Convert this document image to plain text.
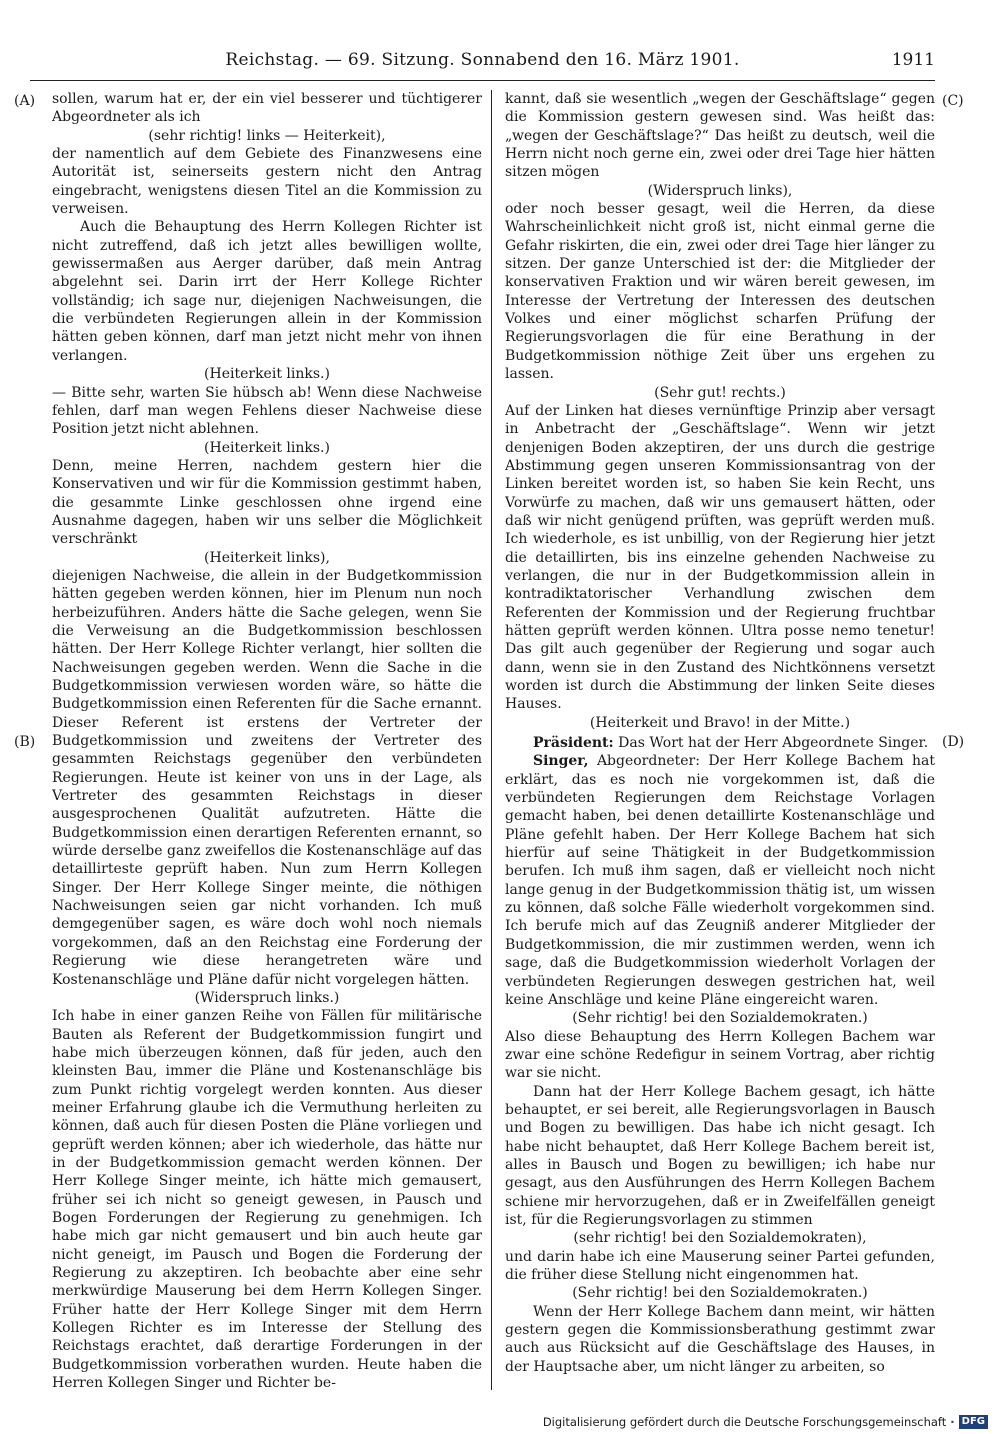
Reichstag. — 69. Sitzung. Sonnabend den 16. März 1901.	1911
(A)
(B)
(C)
(D)

sollen, warum hat er, der ein viel besserer und tüchtigerer Abgeordneter als ich

(sehr richtig! links — Heiterkeit),

der namentlich auf dem Gebiete des Finanzwesens eine Autorität ist, seinerseits gestern nicht den Antrag eingebracht, wenigstens diesen Titel an die Kommission zu verweisen.

Auch die Behauptung des Herrn Kollegen Richter ist nicht zutreffend, daß ich jetzt alles bewilligen wollte, gewissermaßen aus Aerger darüber, daß mein Antrag abgelehnt sei. Darin irrt der Herr Kollege Richter vollständig; ich sage nur, diejenigen Nachweisungen, die die verbündeten Regierungen allein in der Kommission hätten geben können, darf man jetzt nicht mehr von ihnen verlangen.

(Heiterkeit links.)

— Bitte sehr, warten Sie hübsch ab! Wenn diese Nachweise fehlen, darf man wegen Fehlens dieser Nachweise diese Position jetzt nicht ablehnen.

(Heiterkeit links.)

Denn, meine Herren, nachdem gestern hier die Konservativen und wir für die Kommission gestimmt haben, die gesammte Linke geschlossen ohne irgend eine Ausnahme dagegen, haben wir uns selber die Möglichkeit verschränkt

(Heiterkeit links),

diejenigen Nachweise, die allein in der Budgetkommission hätten gegeben werden können, hier im Plenum nun noch herbeizuführen. Anders hätte die Sache gelegen, wenn Sie die Verweisung an die Budgetkommission beschlossen hätten. Der Herr Kollege Richter verlangt, hier sollten die Nachweisungen gegeben werden. Wenn die Sache in die Budgetkommission verwiesen worden wäre, so hätte die Budgetkommission einen Referenten für die Sache ernannt. Dieser Referent ist erstens der Vertreter der Budgetkommission und zweitens der Vertreter des gesammten Reichstags gegenüber den verbündeten Regierungen. Heute ist keiner von uns in der Lage, als Vertreter des gesammten Reichstags in dieser ausgesprochenen Qualität aufzutreten. Hätte die Budgetkommission einen derartigen Referenten ernannt, so würde derselbe ganz zweifellos die Kostenanschläge auf das detaillirteste geprüft haben. Nun zum Herrn Kollegen Singer. Der Herr Kollege Singer meinte, die nöthigen Nachweisungen seien gar nicht vorhanden. Ich muß demgegenüber sagen, es wäre doch wohl noch niemals vorgekommen, daß an den Reichstag eine Forderung der Regierung wie diese herangetreten wäre und Kostenanschläge und Pläne dafür nicht vorgelegen hätten.

(Widerspruch links.)

Ich habe in einer ganzen Reihe von Fällen für militärische Bauten als Referent der Budgetkommission fungirt und habe mich überzeugen können, daß für jeden, auch den kleinsten Bau, immer die Pläne und Kostenanschläge bis zum Punkt richtig vorgelegt werden konnten. Aus dieser meiner Erfahrung glaube ich die Vermuthung herleiten zu können, daß auch für diesen Posten die Pläne vorliegen und geprüft werden können; aber ich wiederhole, das hätte nur in der Budgetkommission gemacht werden können. Der Herr Kollege Singer meinte, ich hätte mich gemausert, früher sei ich nicht so geneigt gewesen, in Pausch und Bogen Forderungen der Regierung zu genehmigen. Ich habe mich gar nicht gemausert und bin auch heute gar nicht geneigt, im Pausch und Bogen die Forderung der Regierung zu akzeptiren. Ich beobachte aber eine sehr merkwürdige Mauserung bei dem Herrn Kollegen Singer. Früher hatte der Herr Kollege Singer mit dem Herrn Kollegen Richter es im Interesse der Stellung des Reichstags erachtet, daß derartige Forderungen in der Budgetkommission vorberathen wurden. Heute haben die Herren Kollegen Singer und Richter be-

kannt, daß sie wesentlich „wegen der Geschäftslage“ gegen die Kommission gestern gewesen sind. Was heißt das: „wegen der Geschäftslage?“ Das heißt zu deutsch, weil die Herrn nicht noch gerne ein, zwei oder drei Tage hier hätten sitzen mögen

(Widerspruch links),

oder noch besser gesagt, weil die Herren, da diese Wahrscheinlichkeit nicht groß ist, nicht einmal gerne die Gefahr riskirten, die ein, zwei oder drei Tage hier länger zu sitzen. Der ganze Unterschied ist der: die Mitglieder der konservativen Fraktion und wir wären bereit gewesen, im Interesse der Vertretung der Interessen des deutschen Volkes und einer möglichst scharfen Prüfung der Regierungsvorlagen die für eine Berathung in der Budgetkommission nöthige Zeit über uns ergehen zu lassen.

(Sehr gut! rechts.)

Auf der Linken hat dieses vernünftige Prinzip aber versagt in Anbetracht der „Geschäftslage“. Wenn wir jetzt denjenigen Boden akzeptiren, der uns durch die gestrige Abstimmung gegen unseren Kommissionsantrag von der Linken bereitet worden ist, so haben Sie kein Recht, uns Vorwürfe zu machen, daß wir uns gemausert hätten, oder daß wir nicht genügend prüften, was geprüft werden muß. Ich wiederhole, es ist unbillig, von der Regierung hier jetzt die detaillirten, bis ins einzelne gehenden Nachweise zu verlangen, die nur in der Budgetkommission allein in kontradiktatorischer Verhandlung zwischen dem Referenten der Kommission und der Regierung fruchtbar hätten geprüft werden können. Ultra posse nemo tenetur! Das gilt auch gegenüber der Regierung und sogar auch dann, wenn sie in den Zustand des Nichtkönnens versetzt worden ist durch die Abstimmung der linken Seite dieses Hauses.

(Heiterkeit und Bravo! in der Mitte.)

Präsident: Das Wort hat der Herr Abgeordnete Singer.

Singer, Abgeordneter: Der Herr Kollege Bachem hat erklärt, das es noch nie vorgekommen ist, daß die verbündeten Regierungen dem Reichstage Vorlagen gemacht haben, bei denen detaillirte Kostenanschläge und Pläne gefehlt haben. Der Herr Kollege Bachem hat sich hierfür auf seine Thätigkeit in der Budgetkommission berufen. Ich muß ihm sagen, daß er vielleicht noch nicht lange genug in der Budgetkommission thätig ist, um wissen zu können, daß solche Fälle wiederholt vorgekommen sind. Ich berufe mich auf das Zeugniß anderer Mitglieder der Budgetkommission, die mir zustimmen werden, wenn ich sage, daß die Budgetkommission wiederholt Vorlagen der verbündeten Regierungen deswegen gestrichen hat, weil keine Anschläge und keine Pläne eingereicht waren.

(Sehr richtig! bei den Sozialdemokraten.)

Also diese Behauptung des Herrn Kollegen Bachem war zwar eine schöne Redefigur in seinem Vortrag, aber richtig war sie nicht.

Dann hat der Herr Kollege Bachem gesagt, ich hätte behauptet, er sei bereit, alle Regierungsvorlagen in Bausch und Bogen zu bewilligen. Das habe ich nicht gesagt. Ich habe nicht behauptet, daß Herr Kollege Bachem bereit ist, alles in Bausch und Bogen zu bewilligen; ich habe nur gesagt, aus den Ausführungen des Herrn Kollegen Bachem schiene mir hervorzugehen, daß er in Zweifelfällen geneigt ist, für die Regierungsvorlagen zu stimmen

(sehr richtig! bei den Sozialdemokraten),

und darin habe ich eine Mauserung seiner Partei gefunden, die früher diese Stellung nicht eingenommen hat.

(Sehr richtig! bei den Sozialdemokraten.)

Wenn der Herr Kollege Bachem dann meint, wir hätten gestern gegen die Kommissionsberathung gestimmt zwar auch aus Rücksicht auf die Geschäftslage des Hauses, in der Hauptsache aber, um nicht länger zu arbeiten, so

Digitalisierung gefördert durch die Deutsche Forschungsgemeinschaft · DFG
